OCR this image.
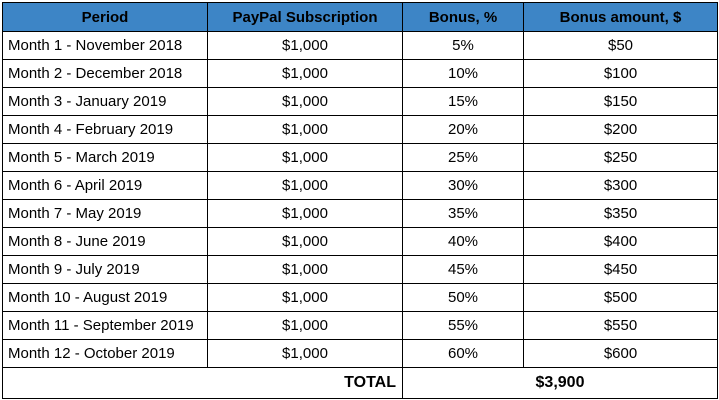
Period	PayPal Subscription	Bonus, %	Bonus amount, $
Month 1 - November 2018	$1,000	5%	$50
Month 2 - December 2018	$1,000	10%	$100
Month 3 - January 2019	$1,000	15%	$150
Month 4 - February 2019	$1,000	20%	$200
Month 5 - March 2019	$1,000	25%	$250
Month 6 - April 2019	$1,000	30%	$300
Month 7 - May 2019	$1,000	35%	$350
Month 8 - June 2019	$1,000	40%	$400
Month 9 - July 2019	$1,000	45%	$450
Month 10 - August 2019	$1,000	50%	$500
Month 11 - September 2019	$1,000	55%	$550
Month 12 - October 2019	$1,000	60%	$600
TOTAL		$3,900	
